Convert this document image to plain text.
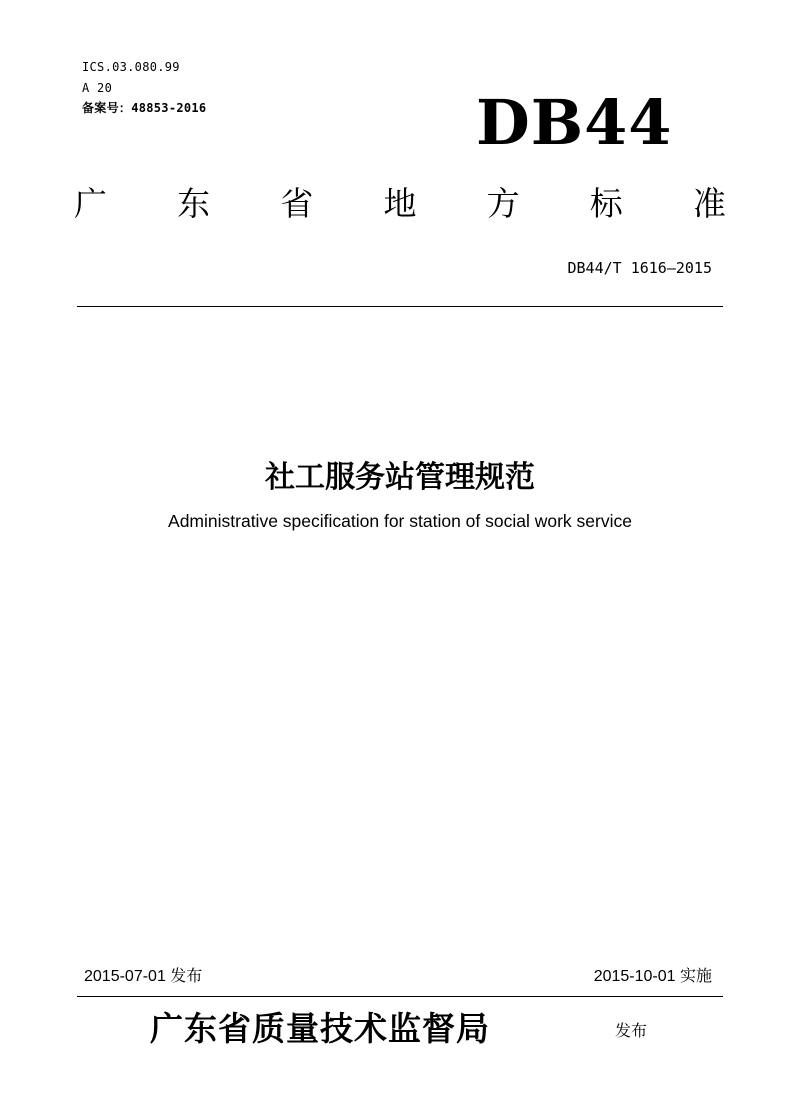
ICS.03.080.99
A 20
备案号：48853-2016	DB44
广 东 省 地 方 标 准
DB44/T 1616—2015
社工服务站管理规范
Administrative specification for station of social work service
2015-07-01 发布	2015-10-01 实施
广东省质量技术监督局	发布
